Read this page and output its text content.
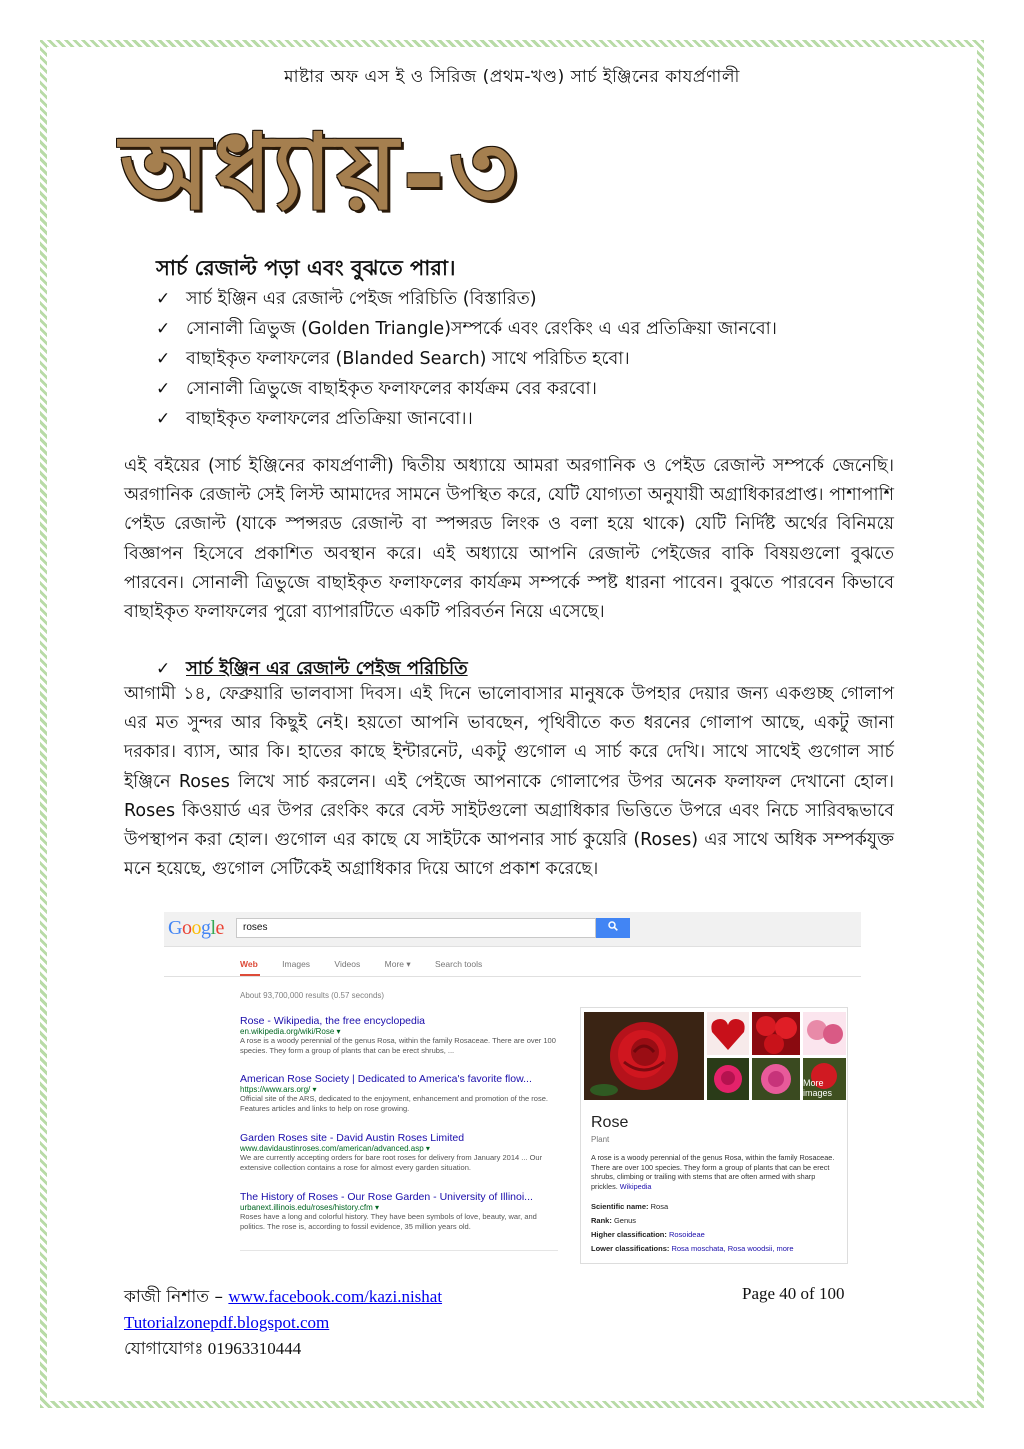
মাষ্টার অফ এস ই ও সিরিজ (প্রথম-খণ্ড) সার্চ ইঞ্জিনের কাযর্প্রণালী
অধ্যায়-৩
সার্চ রেজাল্ট পড়া এবং বুঝতে পারা।
✓ সার্চ ইঞ্জিন এর রেজাল্ট পেইজ পরিচিতি (বিস্তারিত)
✓ সোনালী ত্রিভুজ (Golden Triangle)সম্পর্কে এবং রেংকিং এ এর প্রতিক্রিয়া জানবো।
✓ বাছাইকৃত ফলাফলের (Blanded Search) সাথে পরিচিত হবো।
✓ সোনালী ত্রিভুজে বাছাইকৃত ফলাফলের কার্যক্রম বের করবো।
✓ বাছাইকৃত ফলাফলের প্রতিক্রিয়া জানবো।।

এই বইয়ের (সার্চ ইঞ্জিনের কাযর্প্রণালী) দ্বিতীয় অধ্যায়ে আমরা অরগানিক ও পেইড রেজাল্ট সম্পর্কে জেনেছি। অরগানিক রেজাল্ট সেই লিস্ট আমাদের সামনে উপস্থিত করে, যেটি যোগ্যতা অনুযায়ী অগ্রাধিকারপ্রাপ্ত। পাশাপাশি পেইড রেজাল্ট (যাকে স্পন্সরড রেজাল্ট বা স্পন্সরড লিংক ও বলা হয়ে থাকে) যেটি নির্দিষ্ট অর্থের বিনিময়ে বিজ্ঞাপন হিসেবে প্রকাশিত অবস্থান করে। এই অধ্যায়ে আপনি রেজাল্ট পেইজের বাকি বিষয়গুলো বুঝতে পারবেন। সোনালী ত্রিভুজে বাছাইকৃত ফলাফলের কার্যক্রম সম্পর্কে স্পষ্ট ধারনা পাবেন। বুঝতে পারবেন কিভাবে বাছাইকৃত ফলাফলের পুরো ব্যাপারটিতে একটি পরিবর্তন নিয়ে এসেছে।

✓ সার্চ ইঞ্জিন এর রেজাল্ট পেইজ পরিচিতি

আগামী ১৪, ফেব্রুয়ারি ভালবাসা দিবস। এই দিনে ভালোবাসার মানুষকে উপহার দেয়ার জন্য একগুচ্ছ গোলাপ এর মত সুন্দর আর কিছুই নেই। হয়তো আপনি ভাবছেন, পৃথিবীতে কত ধরনের গোলাপ আছে, একটু জানা দরকার। ব্যাস, আর কি। হাতের কাছে ইন্টারনেট, একটু গুগোল এ সার্চ করে দেখি। সাথে সাথেই গুগোল সার্চ ইঞ্জিনে Roses লিখে সার্চ করলেন। এই পেইজে আপনাকে গোলাপের উপর অনেক ফলাফল দেখানো হোল। Roses কিওয়ার্ড এর উপর রেংকিং করে বেস্ট সাইটগুলো অগ্রাধিকার ভিত্তিতে উপরে এবং নিচে সারিবদ্ধভাবে উপস্থাপন করা হোল। গুগোল এর কাছে যে সাইটকে আপনার সার্চ কুয়েরি (Roses) এর সাথে অধিক সম্পর্কযুক্ত মনে হয়েছে, গুগোল সেটিকেই অগ্রাধিকার দিয়ে আগে প্রকাশ করেছে।

Google	roses
Web	Images	Videos	More ▾	Search tools
About 93,700,000 results (0.57 seconds)
Rose - Wikipedia, the free encyclopedia
en.wikipedia.org/wiki/Rose ▾
A rose is a woody perennial of the genus Rosa, within the family Rosaceae. There are over 100 species. They form a group of plants that can be erect shrubs, ...
American Rose Society | Dedicated to America's favorite flow...
https://www.ars.org/ ▾
Official site of the ARS, dedicated to the enjoyment, enhancement and promotion of the rose. Features articles and links to help on rose growing.
Garden Roses site - David Austin Roses Limited
www.davidaustinroses.com/american/advanced.asp ▾
We are currently accepting orders for bare root roses for delivery from January 2014 ... Our extensive collection contains a rose for almost every garden situation.
The History of Roses - Our Rose Garden - University of Illinoi...
urbanext.illinois.edu/roses/history.cfm ▾
Roses have a long and colorful history. They have been symbols of love, beauty, war, and politics. The rose is, according to fossil evidence, 35 million years old.
More images
Rose
Plant
A rose is a woody perennial of the genus Rosa, within the family Rosaceae. There are over 100 species. They form a group of plants that can be erect shrubs, climbing or trailing with stems that are often armed with sharp prickles. Wikipedia
Scientific name: Rosa
Rank: Genus
Higher classification: Rosoideae
Lower classifications: Rosa moschata, Rosa woodsii, more
কাজী নিশাত – www.facebook.com/kazi.nishat
Tutorialzonepdf.blogspot.com
যোগাযোগঃ 01963310444
Page 40 of 100
